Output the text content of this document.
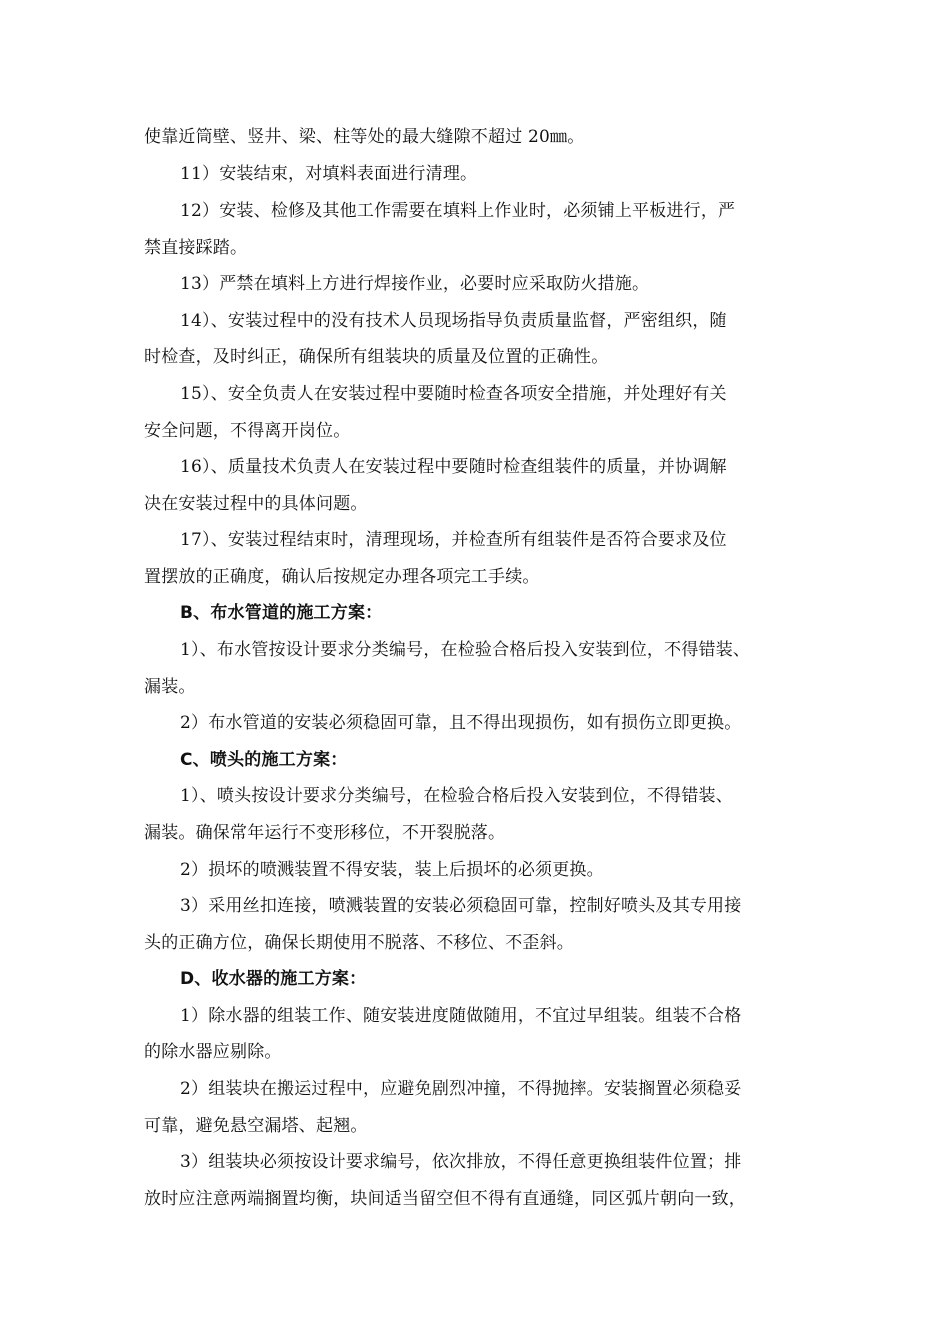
使靠近筒壁、竖井、梁、柱等处的最大缝隙不超过 20㎜。
11）安装结束，对填料表面进行清理。
12）安装、检修及其他工作需要在填料上作业时，必须铺上平板进行，严
禁直接踩踏。
13）严禁在填料上方进行焊接作业，必要时应采取防火措施。
14）、安装过程中的没有技术人员现场指导负责质量监督，严密组织，随
时检查，及时纠正，确保所有组装块的质量及位置的正确性。
15）、安全负责人在安装过程中要随时检查各项安全措施，并处理好有关
安全问题，不得离开岗位。
16）、质量技术负责人在安装过程中要随时检查组装件的质量，并协调解
决在安装过程中的具体问题。
17）、安装过程结束时，清理现场，并检查所有组装件是否符合要求及位
置摆放的正确度，确认后按规定办理各项完工手续。
B、布水管道的施工方案：
1）、布水管按设计要求分类编号，在检验合格后投入安装到位，不得错装、
漏装。
2）布水管道的安装必须稳固可靠，且不得出现损伤，如有损伤立即更换。
C、喷头的施工方案：
1）、喷头按设计要求分类编号，在检验合格后投入安装到位，不得错装、
漏装。确保常年运行不变形移位，不开裂脱落。
2）损坏的喷溅装置不得安装，装上后损坏的必须更换。
3）采用丝扣连接，喷溅装置的安装必须稳固可靠，控制好喷头及其专用接
头的正确方位，确保长期使用不脱落、不移位、不歪斜。
D、收水器的施工方案：
1）除水器的组装工作、随安装进度随做随用，不宜过早组装。组装不合格
的除水器应剔除。
2）组装块在搬运过程中，应避免剧烈冲撞，不得抛摔。安装搁置必须稳妥
可靠，避免悬空漏塔、起翘。
3）组装块必须按设计要求编号，依次排放，不得任意更换组装件位置；排
放时应注意两端搁置均衡，块间适当留空但不得有直通缝，同区弧片朝向一致，
